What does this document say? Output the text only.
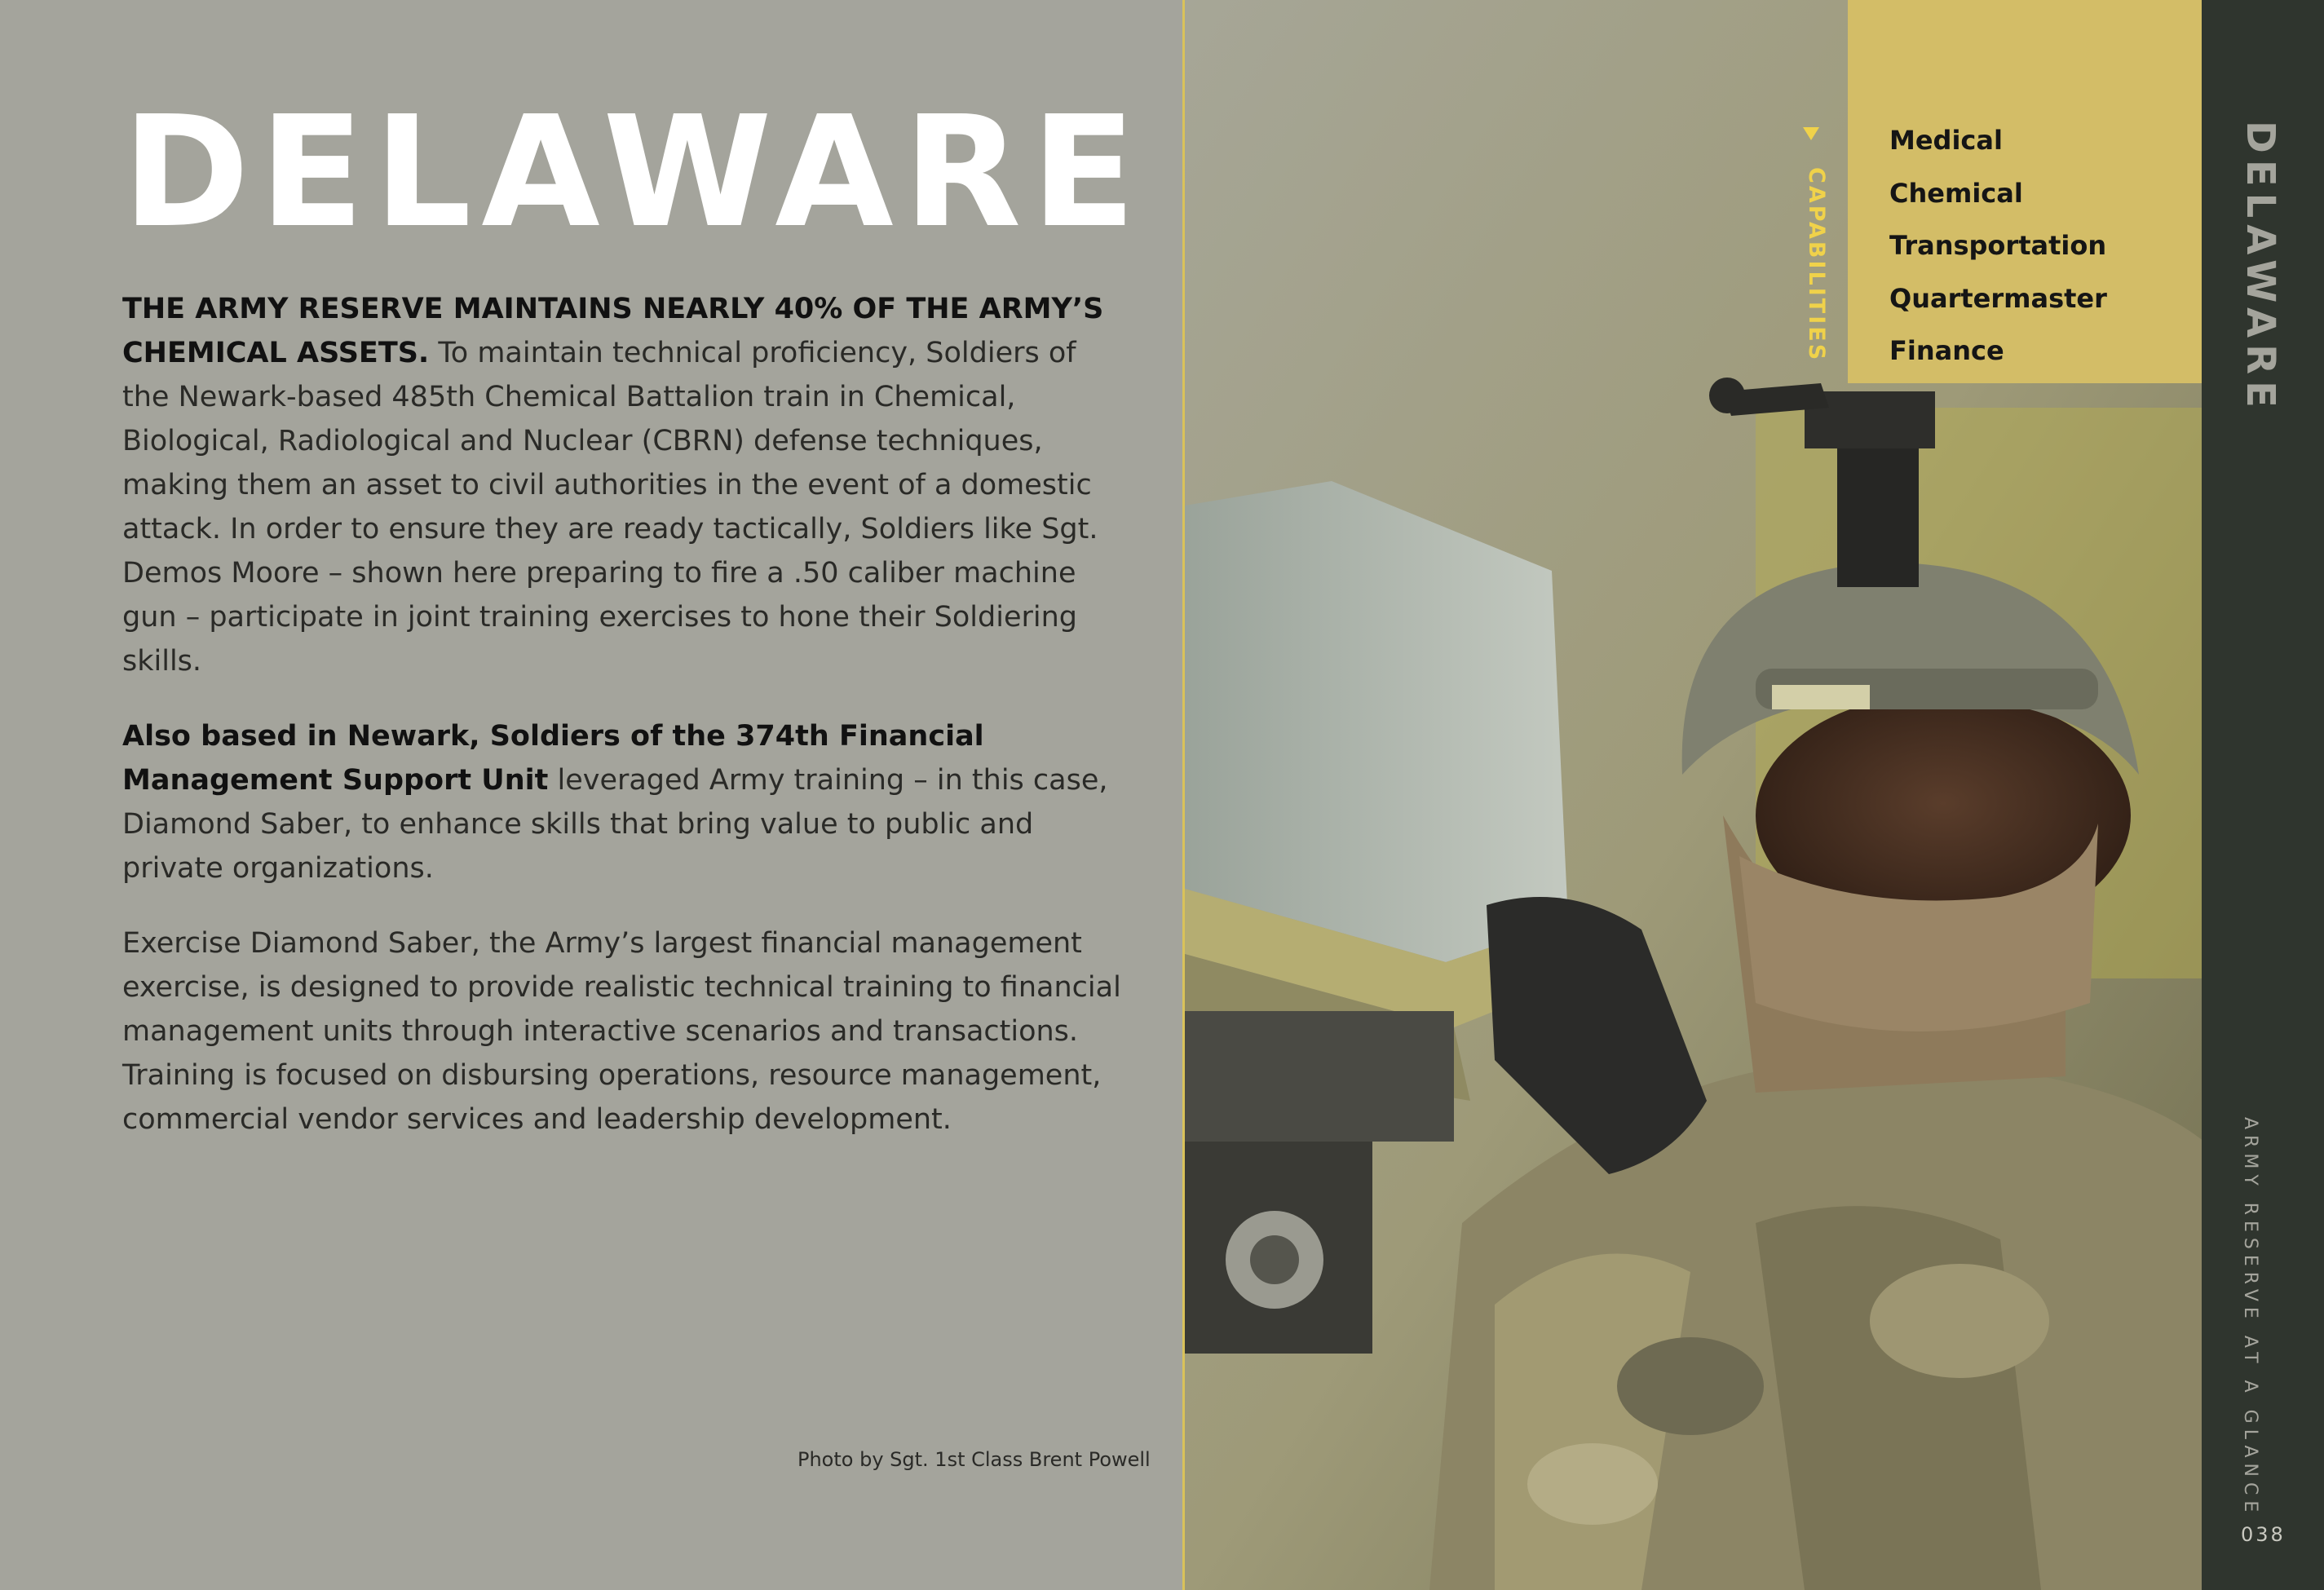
DELAWARE

THE ARMY RESERVE MAINTAINS NEARLY 40% OF THE ARMY’S CHEMICAL ASSETS. To maintain technical proficiency, Soldiers of the Newark-based 485th Chemical Battalion train in Chemical, Biological, Radiological and Nuclear (CBRN) defense techniques, making them an asset to civil authorities in the event of a domestic attack. In order to ensure they are ready tactically, Soldiers like Sgt. Demos Moore – shown here preparing to fire a .50 caliber machine gun – participate in joint training exercises to hone their Soldiering skills.

Also based in Newark, Soldiers of the 374th Financial Management Support Unit leveraged Army training – in this case, Diamond Saber, to enhance skills that bring value to public and private organizations.

Exercise Diamond Saber, the Army’s largest financial management exercise, is designed to provide realistic technical training to financial management units through interactive scenarios and transactions. Training is focused on disbursing operations, resource management, commercial vendor services and leadership development.

Photo by Sgt. 1st Class Brent Powell
CAPABILITIES
Medical
Chemical
Transportation
Quartermaster
Finance	DELAWARE
ARMY RESERVE AT A GLANCE
038
